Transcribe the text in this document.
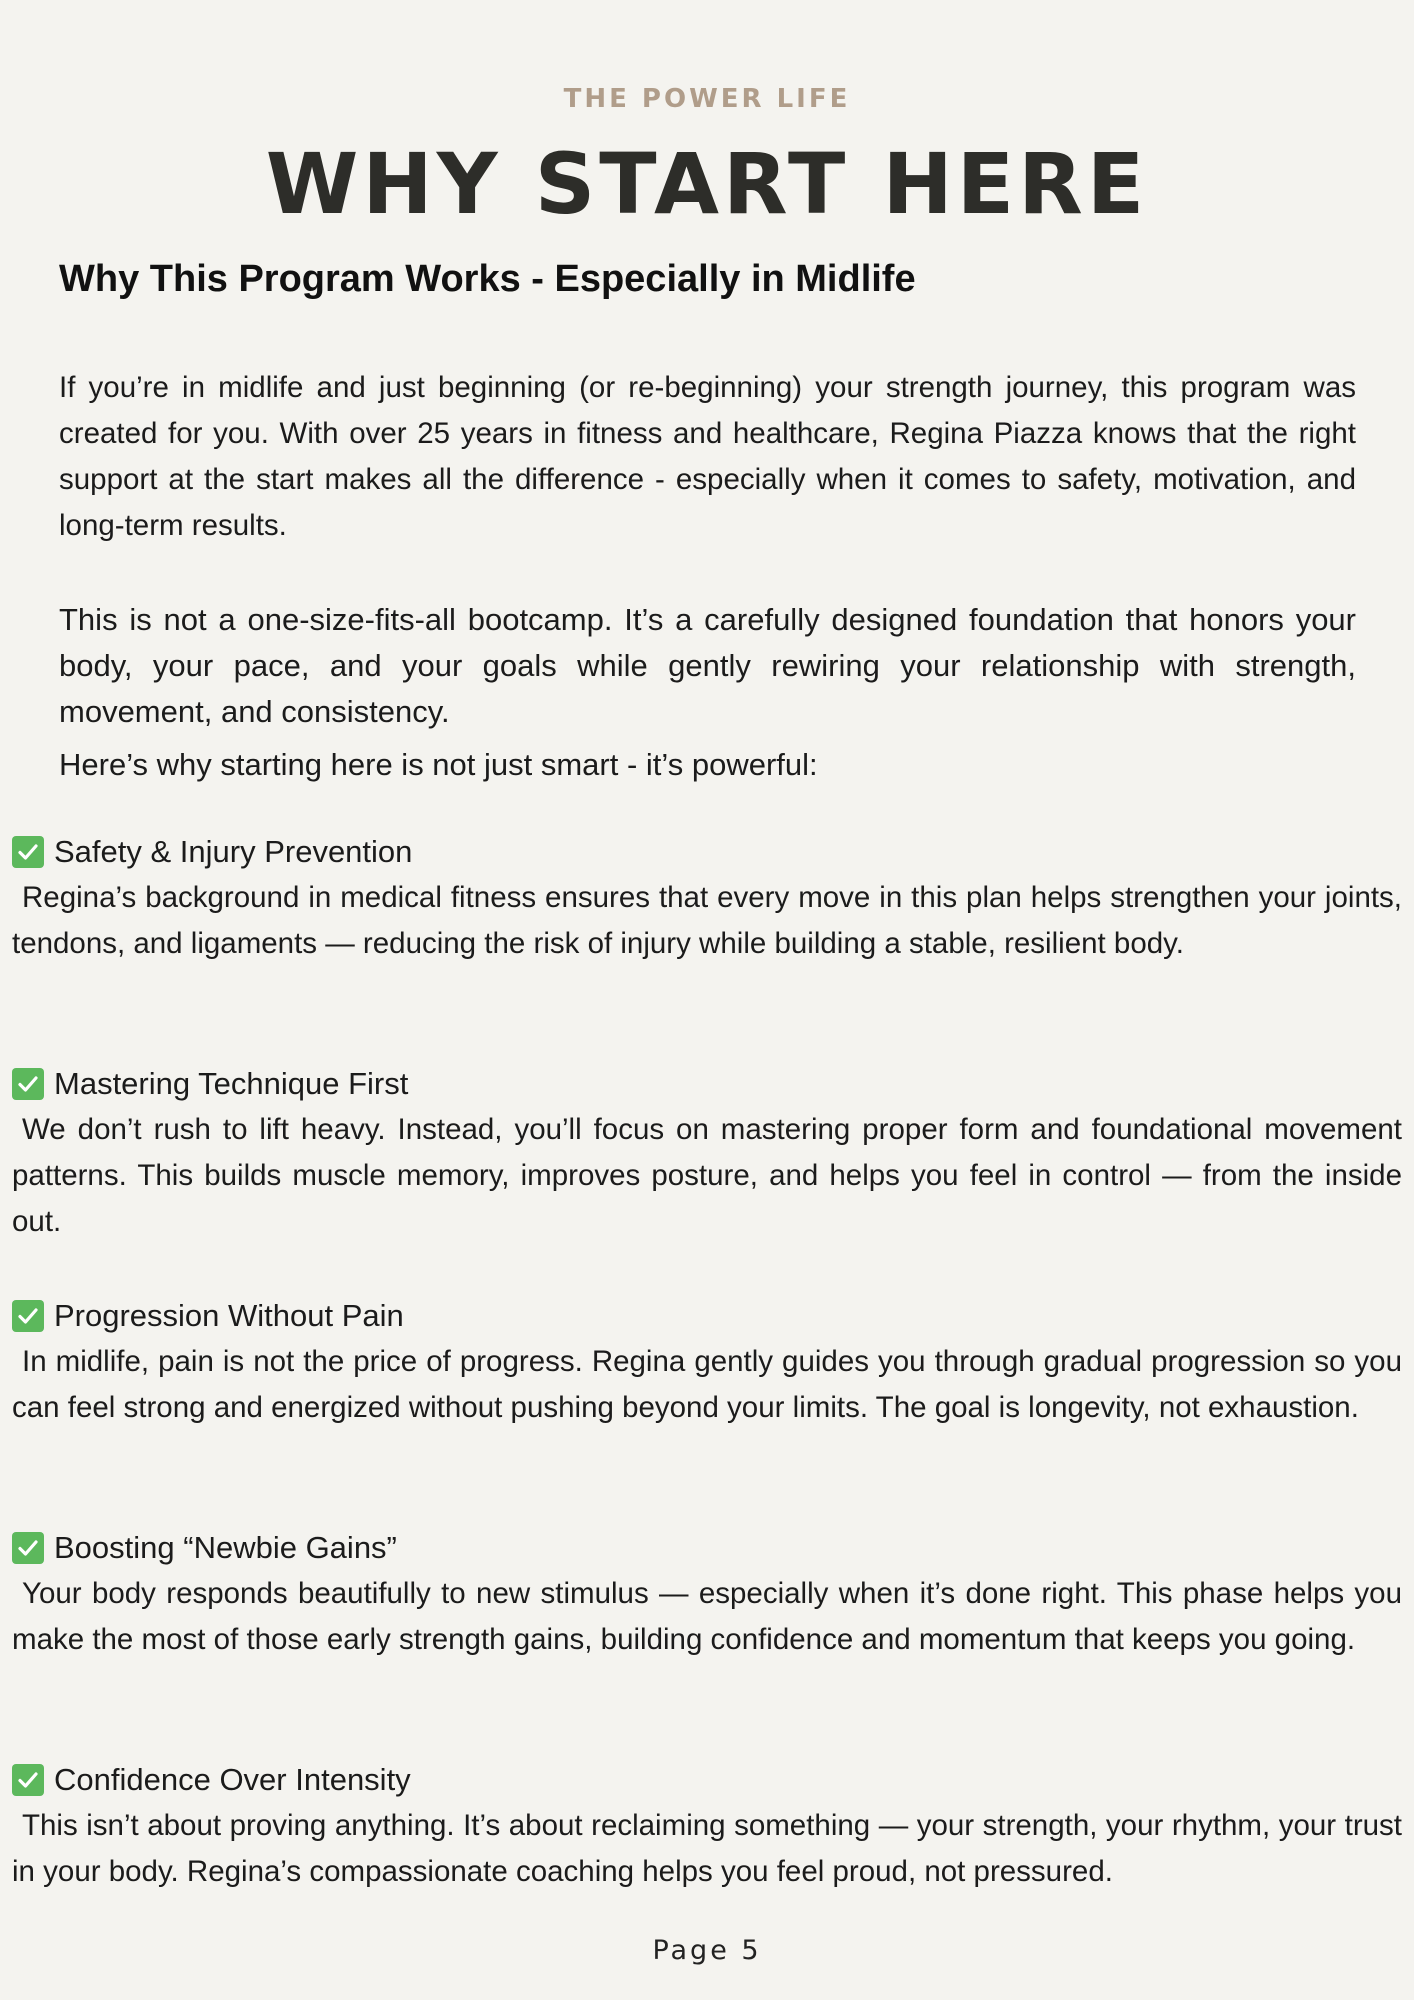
THE POWER LIFE
WHY START HERE
Why This Program Works - Especially in Midlife

If you’re in midlife and just beginning (or re-beginning) your strength journey, this program was created for you. With over 25 years in fitness and healthcare, Regina Piazza knows that the right support at the start makes all the difference - especially when it comes to safety, motivation, and long-term results.

This is not a one-size-fits-all bootcamp. It’s a carefully designed foundation that honors your body, your pace, and your goals while gently rewiring your relationship with strength, movement, and consistency.

Here’s why starting here is not just smart - it’s powerful:

Safety & Injury Prevention
Regina’s background in medical fitness ensures that every move in this plan helps strengthen your joints, tendons, and ligaments — reducing the risk of injury while building a stable, resilient body.
Mastering Technique First
We don’t rush to lift heavy. Instead, you’ll focus on mastering proper form and foundational movement patterns. This builds muscle memory, improves posture, and helps you feel in control — from the inside out.
Progression Without Pain
In midlife, pain is not the price of progress. Regina gently guides you through gradual progression so you can feel strong and energized without pushing beyond your limits. The goal is longevity, not exhaustion.
Boosting “Newbie Gains”
Your body responds beautifully to new stimulus — especially when it’s done right. This phase helps you make the most of those early strength gains, building confidence and momentum that keeps you going.
Confidence Over Intensity
This isn’t about proving anything. It’s about reclaiming something — your strength, your rhythm, your trust in your body. Regina’s compassionate coaching helps you feel proud, not pressured.
Page 5
